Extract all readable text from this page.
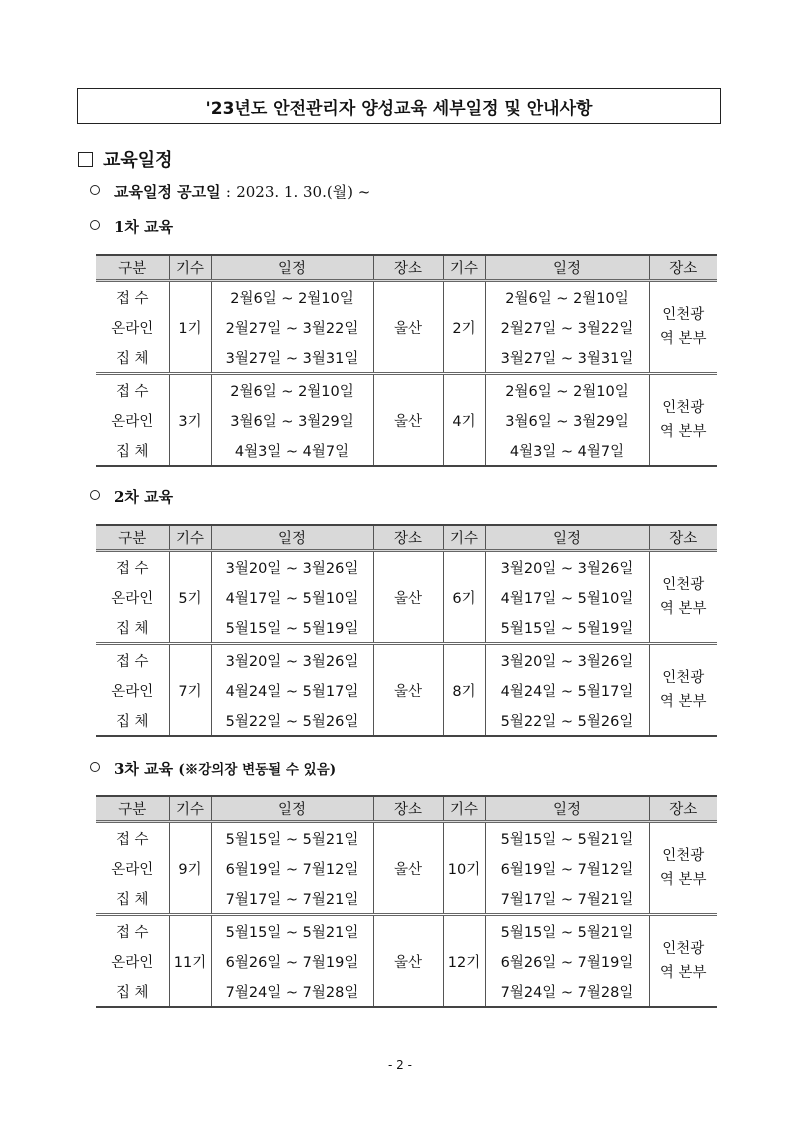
'23년도 안전관리자 양성교육 세부일정 및 안내사항
교육일정
교육일정 공고일 : 2023. 1. 30.(월) ~
1차 교육
구분	기수	일정	장소	기수	일정	장소
접 수	1기	2월6일 ~ 2월10일	울산	2기	2월6일 ~ 2월10일	인천광역 본부
온라인		2월27일 ~ 3월22일			2월27일 ~ 3월22일	
집 체		3월27일 ~ 3월31일			3월27일 ~ 3월31일	
접 수	3기	2월6일 ~ 2월10일	울산	4기	2월6일 ~ 2월10일	인천광역 본부
온라인		3월6일 ~ 3월29일			3월6일 ~ 3월29일	
집 체		4월3일 ~ 4월7일			4월3일 ~ 4월7일	
2차 교육
구분	기수	일정	장소	기수	일정	장소
접 수	5기	3월20일 ~ 3월26일	울산	6기	3월20일 ~ 3월26일	인천광역 본부
온라인		4월17일 ~ 5월10일			4월17일 ~ 5월10일	
집 체		5월15일 ~ 5월19일			5월15일 ~ 5월19일	
접 수	7기	3월20일 ~ 3월26일	울산	8기	3월20일 ~ 3월26일	인천광역 본부
온라인		4월24일 ~ 5월17일			4월24일 ~ 5월17일	
집 체		5월22일 ~ 5월26일			5월22일 ~ 5월26일	
3차 교육 (※강의장 변동될 수 있음)
구분	기수	일정	장소	기수	일정	장소
접 수	9기	5월15일 ~ 5월21일	울산	10기	5월15일 ~ 5월21일	인천광역 본부
온라인		6월19일 ~ 7월12일			6월19일 ~ 7월12일	
집 체		7월17일 ~ 7월21일			7월17일 ~ 7월21일	
접 수	11기	5월15일 ~ 5월21일	울산	12기	5월15일 ~ 5월21일	인천광역 본부
온라인		6월26일 ~ 7월19일			6월26일 ~ 7월19일	
집 체		7월24일 ~ 7월28일			7월24일 ~ 7월28일	
- 2 -
